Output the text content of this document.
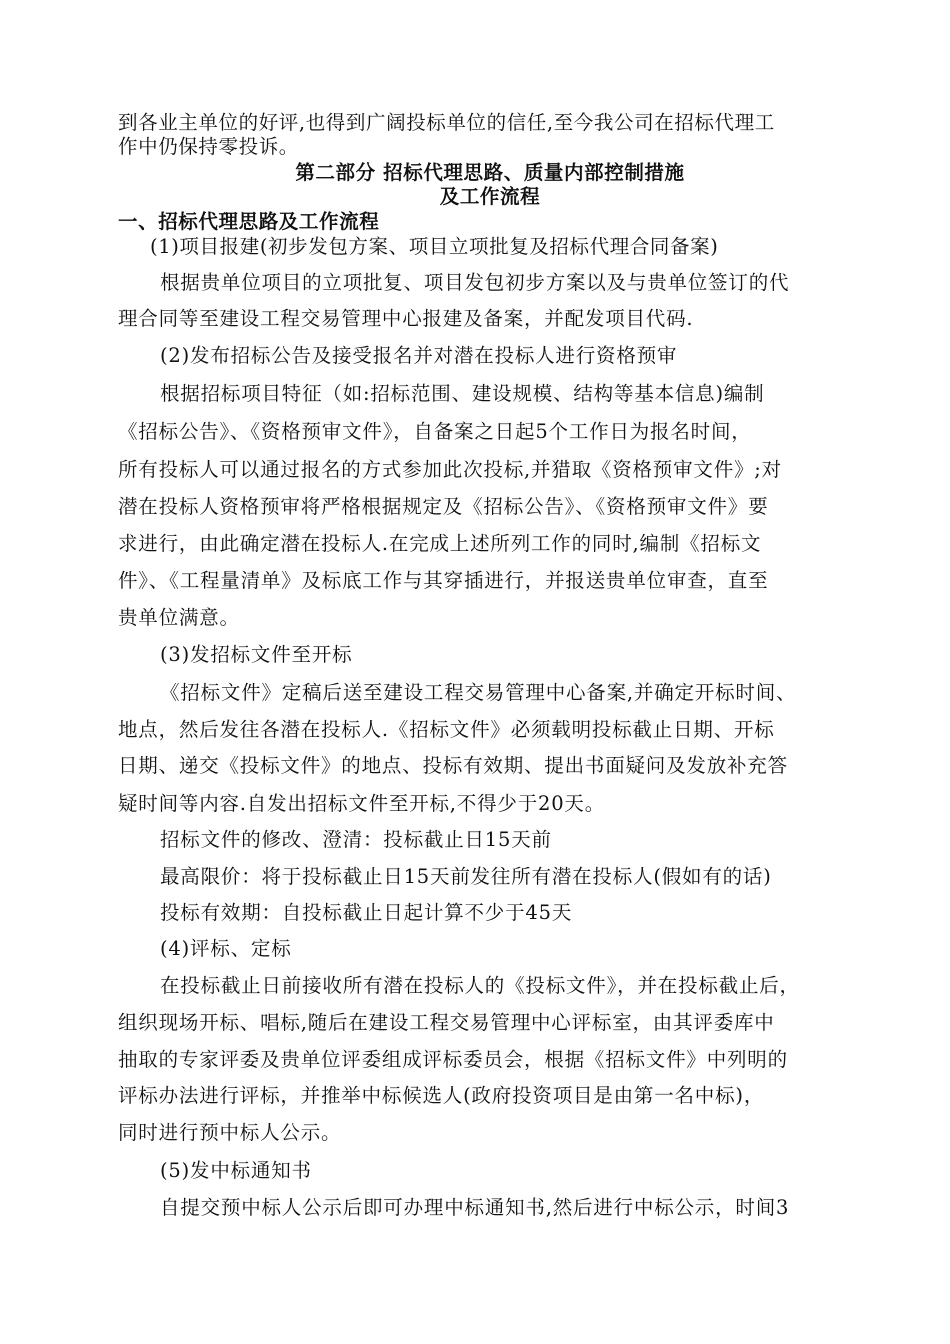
到各业主单位的好评,也得到广阔投标单位的信任,至今我公司在招标代理工
作中仍保持零投诉。
第二部分 招标代理思路、质量内部控制措施
及工作流程
一、招标代理思路及工作流程
(1)项目报建(初步发包方案、项目立项批复及招标代理合同备案)
根据贵单位项目的立项批复、项目发包初步方案以及与贵单位签订的代
理合同等至建设工程交易管理中心报建及备案，并配发项目代码.
(2)发布招标公告及接受报名并对潜在投标人进行资格预审
根据招标项目特征（如:招标范围、建设规模、结构等基本信息)编制
《招标公告》、《资格预审文件》，自备案之日起5个工作日为报名时间，
所有投标人可以通过报名的方式参加此次投标,并猎取《资格预审文件》;对
潜在投标人资格预审将严格根据规定及《招标公告》、《资格预审文件》要
求进行，由此确定潜在投标人.在完成上述所列工作的同时,编制《招标文
件》、《工程量清单》及标底工作与其穿插进行，并报送贵单位审查，直至
贵单位满意。
(3)发招标文件至开标
《招标文件》定稿后送至建设工程交易管理中心备案,并确定开标时间、
地点，然后发往各潜在投标人.《招标文件》必须载明投标截止日期、开标
日期、递交《投标文件》的地点、投标有效期、提出书面疑问及发放补充答
疑时间等内容.自发出招标文件至开标,不得少于20天。
招标文件的修改、澄清：投标截止日15天前
最高限价：将于投标截止日15天前发往所有潜在投标人(假如有的话)
投标有效期：自投标截止日起计算不少于45天
(4)评标、定标
在投标截止日前接收所有潜在投标人的《投标文件》，并在投标截止后，
组织现场开标、唱标,随后在建设工程交易管理中心评标室，由其评委库中
抽取的专家评委及贵单位评委组成评标委员会，根据《招标文件》中列明的
评标办法进行评标，并推举中标候选人(政府投资项目是由第一名中标)，
同时进行预中标人公示。
(5)发中标通知书
自提交预中标人公示后即可办理中标通知书,然后进行中标公示，时间3
